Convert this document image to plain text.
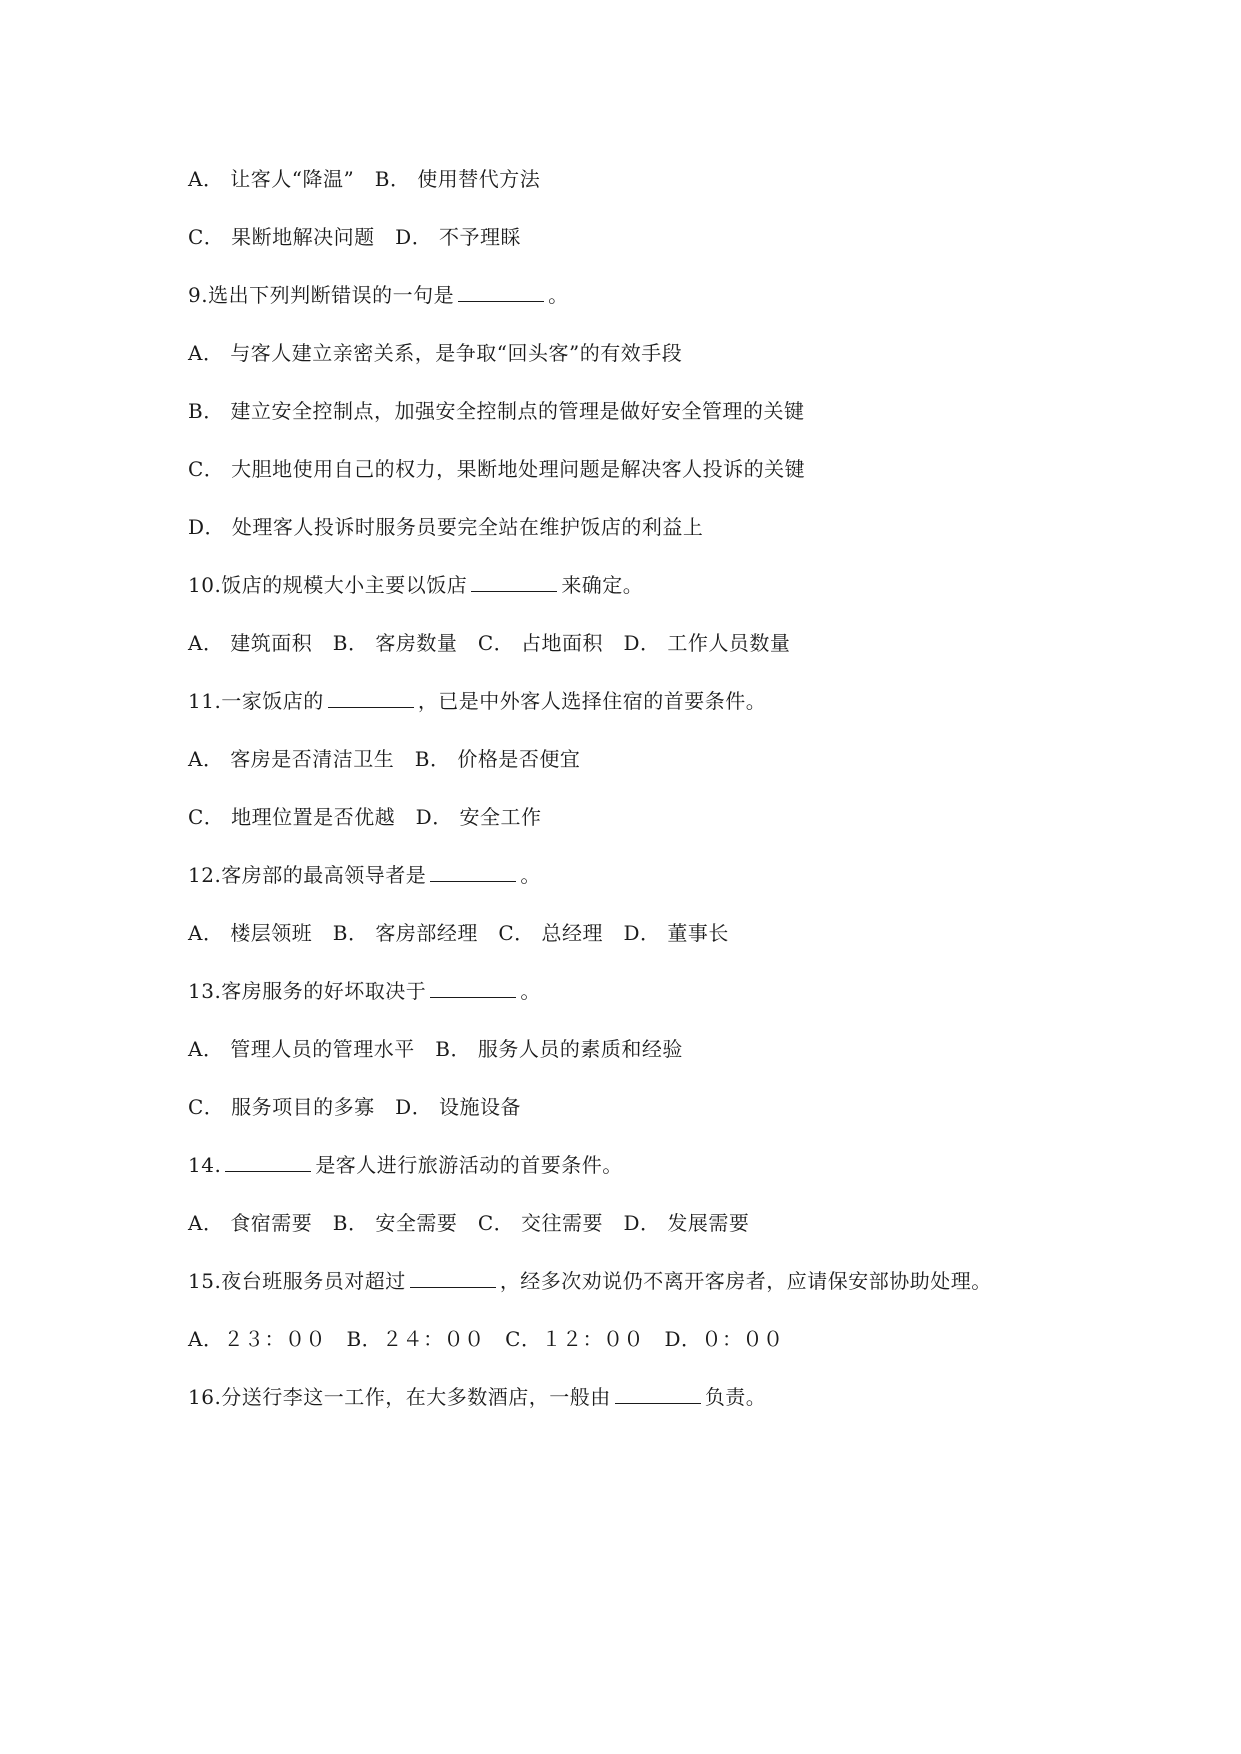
A． 让客人“降温”　B． 使用替代方法
C． 果断地解决问题　D． 不予理睬
9.选出下列判断错误的一句是	。
A． 与客人建立亲密关系，是争取“回头客”的有效手段
B． 建立安全控制点，加强安全控制点的管理是做好安全管理的关键
C． 大胆地使用自己的权力，果断地处理问题是解决客人投诉的关键
D． 处理客人投诉时服务员要完全站在维护饭店的利益上
10.饭店的规模大小主要以饭店	来确定。
A． 建筑面积　B． 客房数量　C． 占地面积　D． 工作人员数量
11.一家饭店的	，已是中外客人选择住宿的首要条件。
A． 客房是否清洁卫生　B． 价格是否便宜
C． 地理位置是否优越　D． 安全工作
12.客房部的最高领导者是	。
A． 楼层领班　B． 客房部经理　C． 总经理　D． 董事长
13.客房服务的好坏取决于	。
A． 管理人员的管理水平　B． 服务人员的素质和经验
C． 服务项目的多寡　D． 设施设备
14.	是客人进行旅游活动的首要条件。
A． 食宿需要　B． 安全需要　C． 交往需要　D． 发展需要
15.夜台班服务员对超过	，经多次劝说仍不离开客房者，应请保安部协助处理。
A．２３：００　B．２４：００　C．１２：００　D．０：００
16.分送行李这一工作，在大多数酒店，一般由	负责。
